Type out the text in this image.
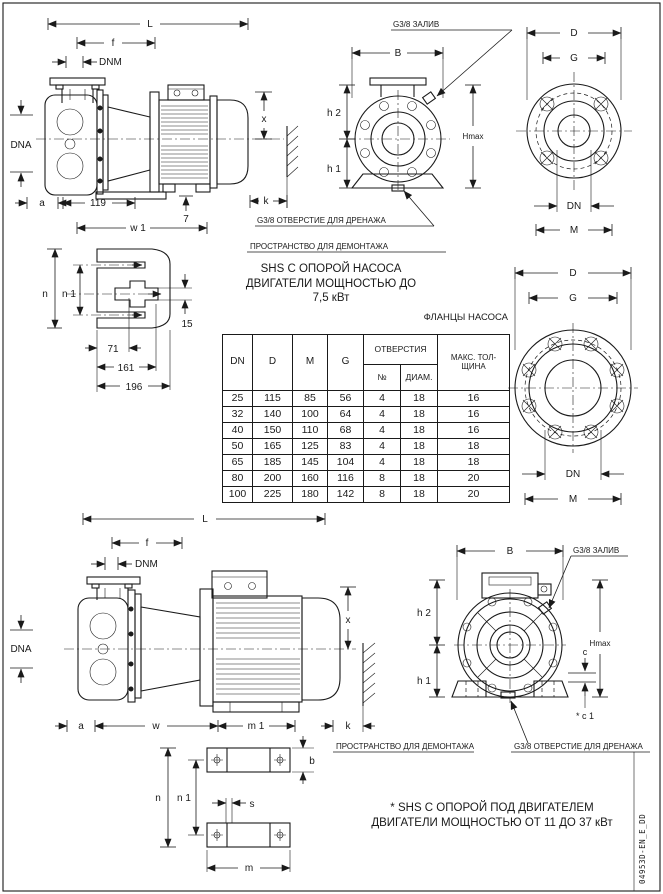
L
f
DNM
DNA
a	119
7
w 1
k
x
B
h 2
h 1
Hmax
G3/8 ЗАЛИВ
G3/8 ОТВЕРСТИЕ ДЛЯ ДРЕНАЖА
ПРОСТРАНСТВО ДЛЯ ДЕМОНТАЖА
D
G
DN
M
n n 1
15
71
161
196
D
G
DN
M
L
f
DNM
DNA
x
a	w	m 1	k
ПРОСТРАНСТВО ДЛЯ ДЕМОНТАЖА
B
h 2
h 1
Hmax
c
* c 1
G3/8 ЗАЛИВ
G3/8 ОТВЕРСТИЕ ДЛЯ ДРЕНАЖА
b
n n 1
s
m
SHS С ОПОРОЙ НАСОСА
ДВИГАТЕЛИ МОЩНОСТЬЮ ДО
7,5 кВт
ФЛАНЦЫ НАСОСА
DN	D	M	G	ОТВЕРСТИЯ		МАКС. ТОЛ-ЩИНА
				№	ДИАМ.	
25	115	85	56	4	18	16
32	140	100	64	4	18	16
40	150	110	68	4	18	16
50	165	125	83	4	18	18
65	185	145	104	4	18	18
80	200	160	116	8	18	20
100	225	180	142	8	18	20
* SHS С ОПОРОЙ ПОД ДВИГАТЕЛЕМ
ДВИГАТЕЛИ МОЩНОСТЬЮ ОТ 11 ДО 37 кВт	04953D-EN_E_DD
